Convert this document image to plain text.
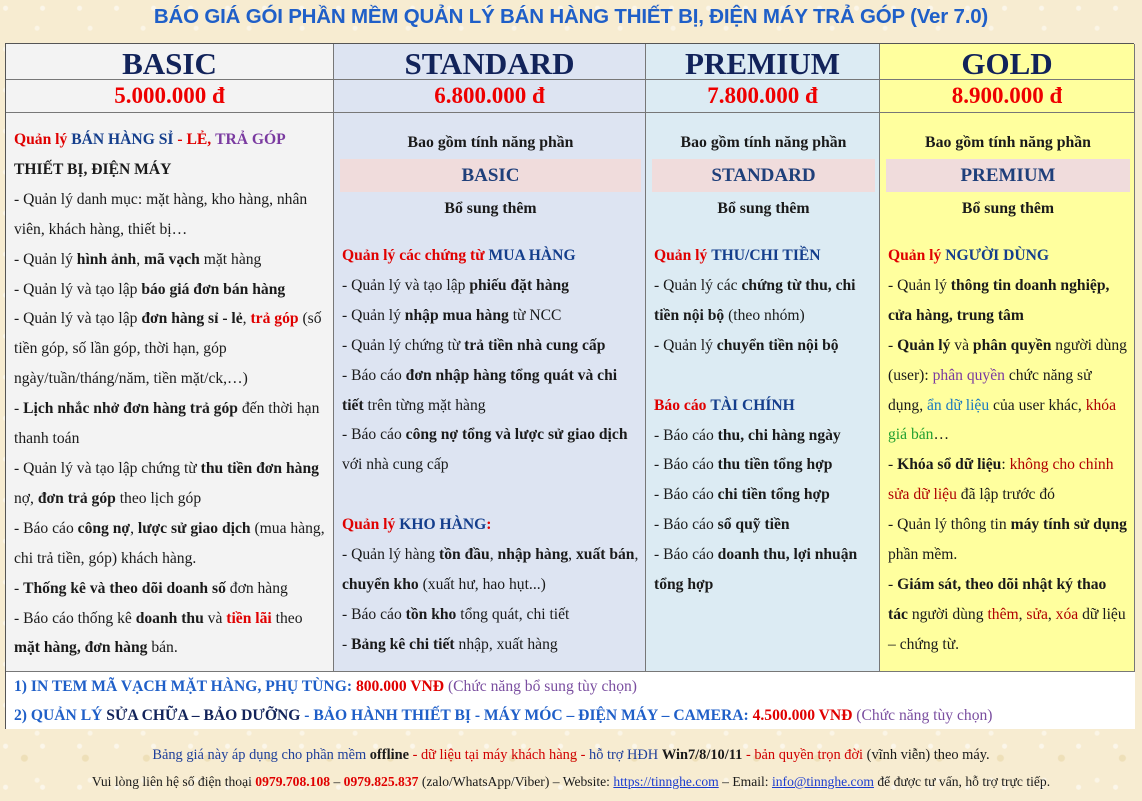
BÁO GIÁ GÓI PHẦN MỀM QUẢN LÝ BÁN HÀNG THIẾT BỊ, ĐIỆN MÁY TRẢ GÓP (Ver 7.0)
BASIC
5.000.000 đ

Quản lý BÁN HÀNG SỈ - LẺ, TRẢ GÓP

THIẾT BỊ, ĐIỆN MÁY

- Quản lý danh mục: mặt hàng, kho hàng, nhân viên, khách hàng, thiết bị…

- Quản lý hình ảnh, mã vạch mặt hàng

- Quản lý và tạo lập báo giá đơn bán hàng

- Quản lý và tạo lập đơn hàng sỉ - lẻ, trả góp (số tiền góp, số lần góp, thời hạn, góp ngày/tuần/tháng/năm, tiền mặt/ck,…)

- Lịch nhắc nhở đơn hàng trả góp đến thời hạn thanh toán

- Quản lý và tạo lập chứng từ thu tiền đơn hàng nợ, đơn trả góp theo lịch góp

- Báo cáo công nợ, lược sử giao dịch (mua hàng, chi trả tiền, góp) khách hàng.

- Thống kê và theo dõi doanh số đơn hàng

- Báo cáo thống kê doanh thu và tiền lãi theo mặt hàng, đơn hàng bán.

STANDARD
6.800.000 đ
Bao gồm tính năng phần
BASIC
Bổ sung thêm

Quản lý các chứng từ MUA HÀNG

- Quản lý và tạo lập phiếu đặt hàng

- Quản lý nhập mua hàng từ NCC

- Quản lý chứng từ trả tiền nhà cung cấp

- Báo cáo đơn nhập hàng tổng quát và chi tiết trên từng mặt hàng

- Báo cáo công nợ tổng và lược sử giao dịch với nhà cung cấp

Quản lý KHO HÀNG:

- Quản lý hàng tồn đầu, nhập hàng, xuất bán, chuyển kho (xuất hư, hao hụt...)

- Báo cáo tồn kho tổng quát, chi tiết

- Bảng kê chi tiết nhập, xuất hàng

PREMIUM
7.800.000 đ
Bao gồm tính năng phần
STANDARD
Bổ sung thêm

Quản lý THU/CHI TIỀN

- Quản lý các chứng từ thu, chi tiền nội bộ (theo nhóm)

- Quản lý chuyển tiền nội bộ

Báo cáo TÀI CHÍNH

- Báo cáo thu, chi hàng ngày

- Báo cáo thu tiền tổng hợp

- Báo cáo chi tiền tổng hợp

- Báo cáo sổ quỹ tiền

- Báo cáo doanh thu, lợi nhuận tổng hợp

GOLD
8.900.000 đ
Bao gồm tính năng phần
PREMIUM
Bổ sung thêm

Quản lý NGƯỜI DÙNG

- Quản lý thông tin doanh nghiệp, cửa hàng, trung tâm

- Quản lý và phân quyền người dùng (user): phân quyền chức năng sử dụng, ẩn dữ liệu của user khác, khóa giá bán…

- Khóa sổ dữ liệu: không cho chỉnh sửa dữ liệu đã lập trước đó

- Quản lý thông tin máy tính sử dụng phần mềm.

- Giám sát, theo dõi nhật ký thao tác người dùng thêm, sửa, xóa dữ liệu – chứng từ.

1) IN TEM MÃ VẠCH MẶT HÀNG, PHỤ TÙNG: 800.000 VNĐ (Chức năng bổ sung tùy chọn)
2) QUẢN LÝ SỬA CHỮA – BẢO DƯỠNG - BẢO HÀNH THIẾT BỊ - MÁY MÓC – ĐIỆN MÁY – CAMERA: 4.500.000 VNĐ (Chức năng tùy chọn)
Bảng giá này áp dụng cho phần mềm offline - dữ liệu tại máy khách hàng - hỗ trợ HĐH Win7/8/10/11 - bản quyền trọn đời (vĩnh viễn) theo máy.
Vui lòng liên hệ số điện thoại 0979.708.108 – 0979.825.837 (zalo/WhatsApp/Viber) – Website: https://tinnghe.com – Email: info@tinnghe.com để được tư vấn, hỗ trợ trực tiếp.
